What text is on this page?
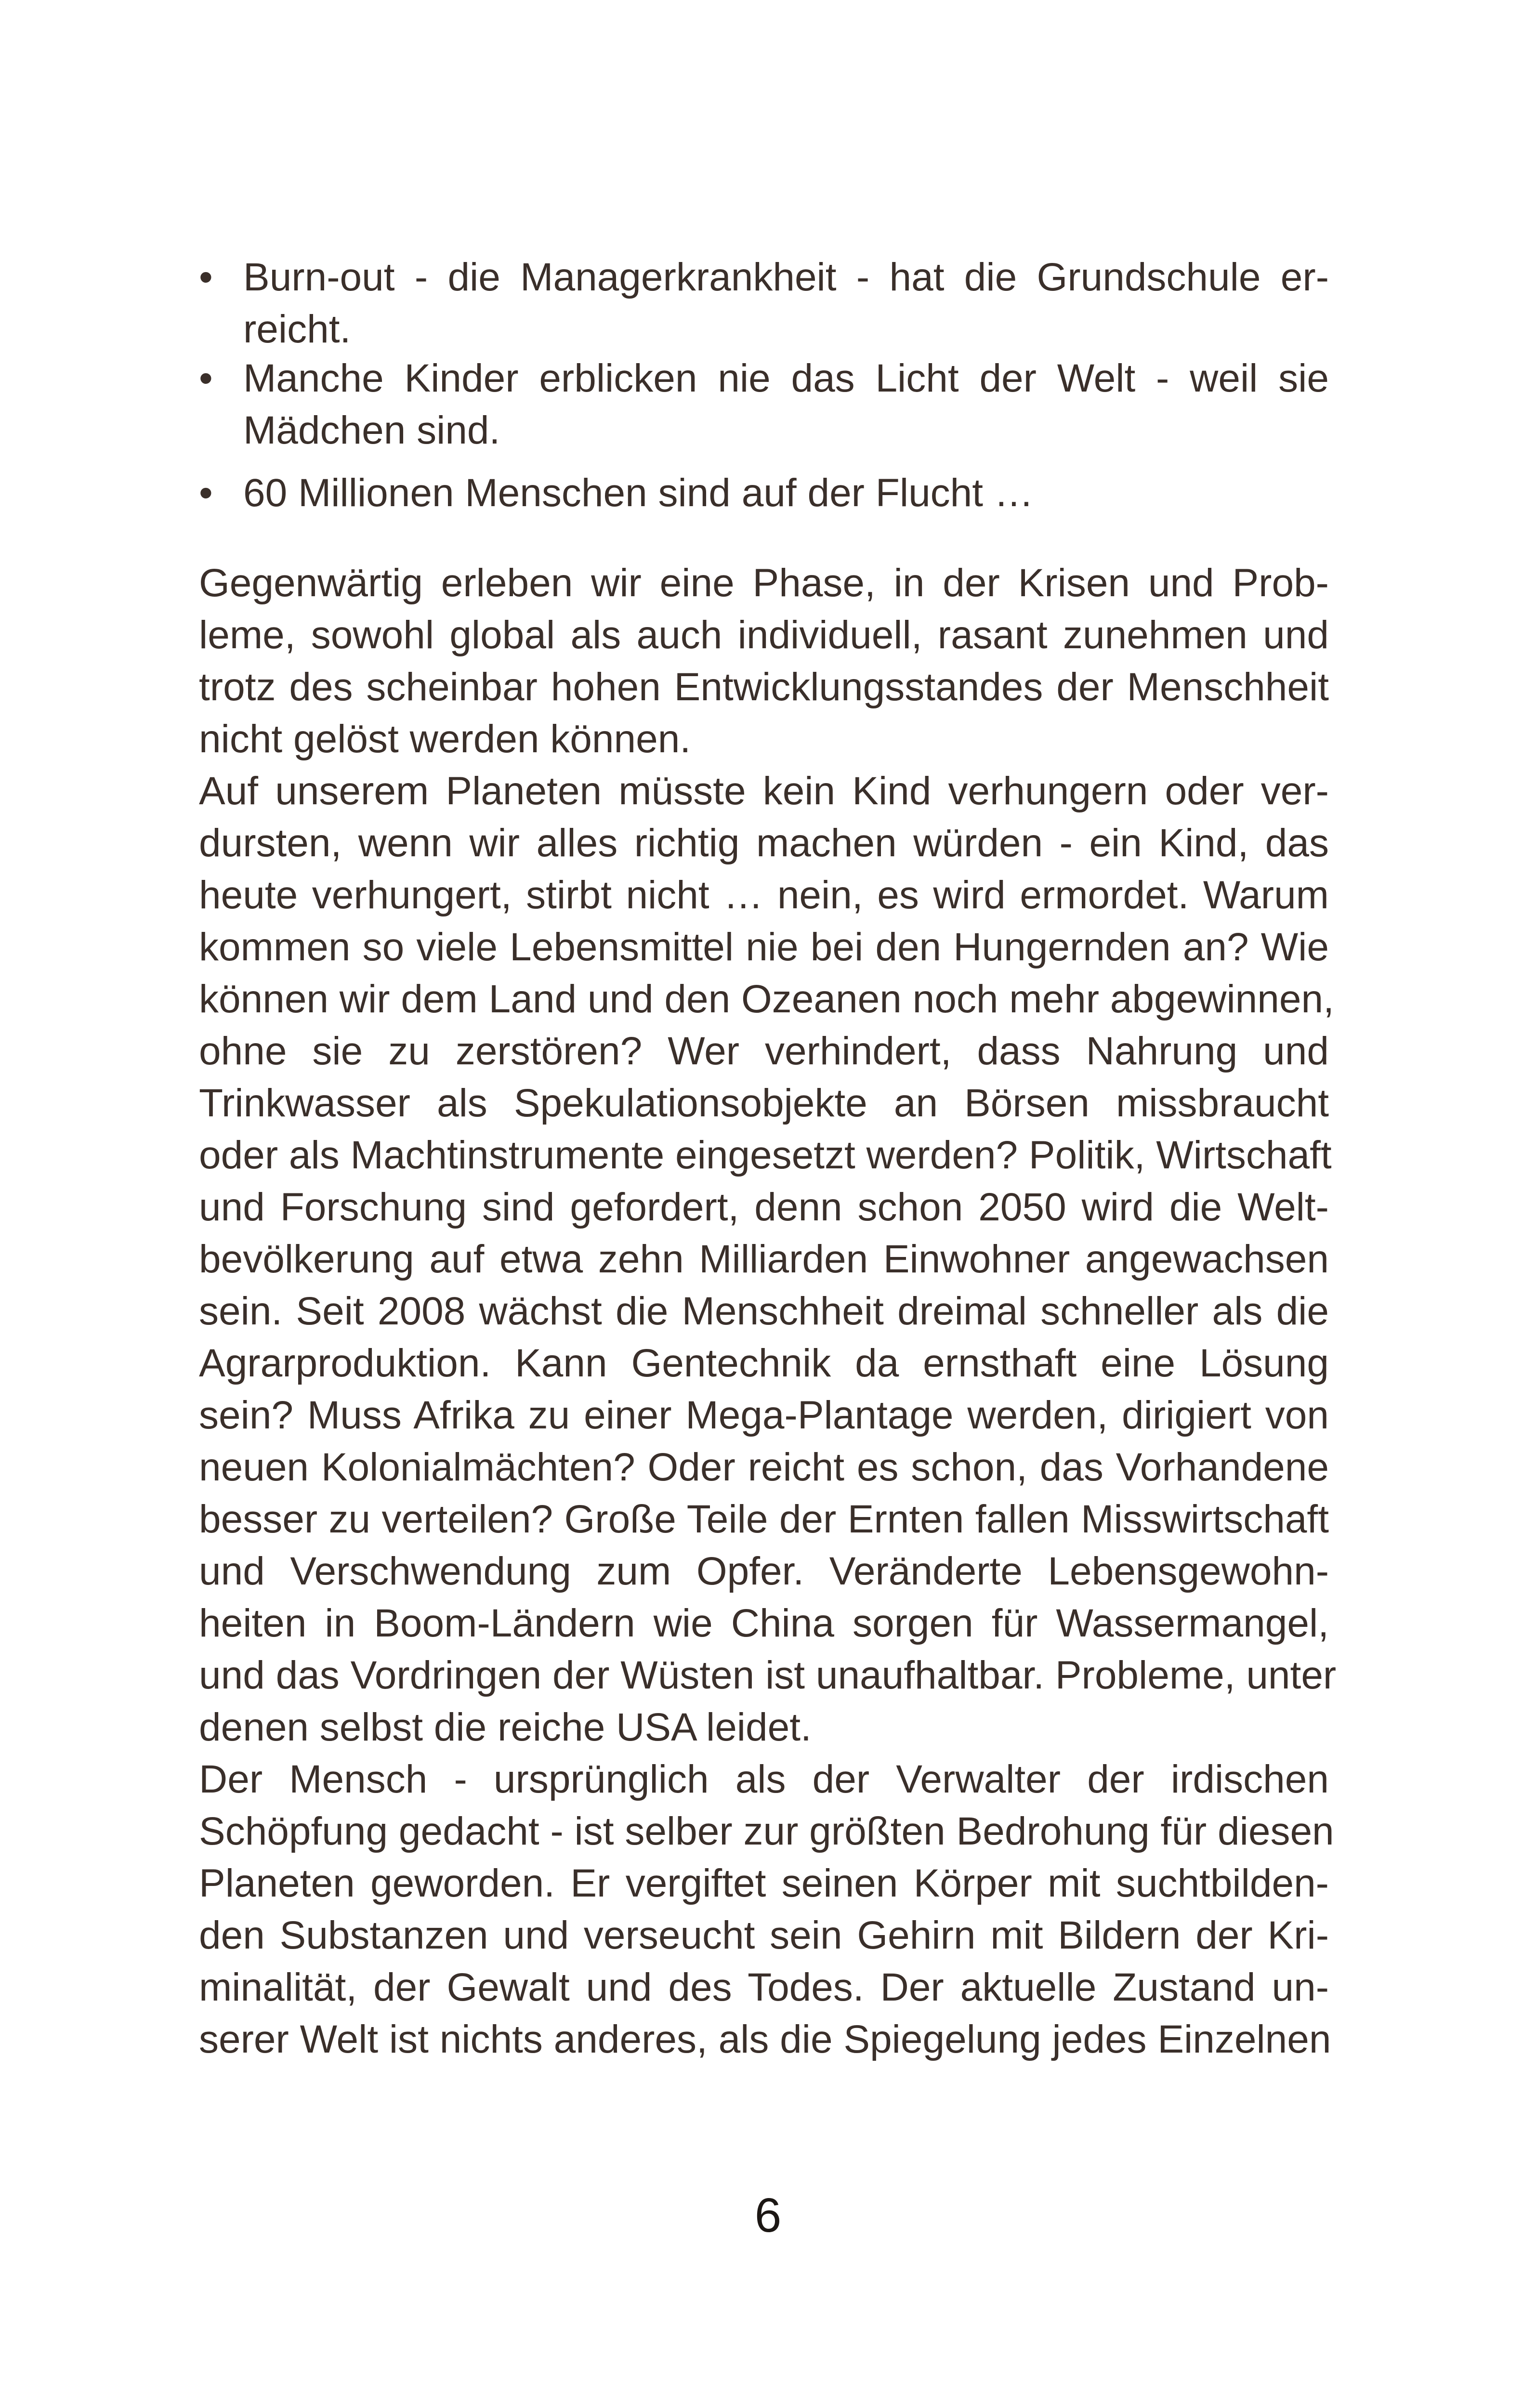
• Burn-out - die Managerkrankheit - hat die Grundschule er-
reicht.
• Manche Kinder erblicken nie das Licht der Welt - weil sie
Mädchen sind.
• 60 Millionen Menschen sind auf der Flucht …
Gegenwärtig erleben wir eine Phase, in der Krisen und Prob-
leme, sowohl global als auch individuell, rasant zunehmen und
trotz des scheinbar hohen Entwicklungsstandes der Menschheit
nicht gelöst werden können.
Auf unserem Planeten müsste kein Kind verhungern oder ver-
dursten, wenn wir alles richtig machen würden - ein Kind, das
heute verhungert, stirbt nicht … nein, es wird ermordet. Warum
kommen so viele Lebensmittel nie bei den Hungernden an? Wie
können wir dem Land und den Ozeanen noch mehr abgewinnen,
ohne sie zu zerstören? Wer verhindert, dass Nahrung und
Trinkwasser als Spekulationsobjekte an Börsen missbraucht
oder als Machtinstrumente eingesetzt werden? Politik, Wirtschaft
und Forschung sind gefordert, denn schon 2050 wird die Welt-
bevölkerung auf etwa zehn Milliarden Einwohner angewachsen
sein. Seit 2008 wächst die Menschheit dreimal schneller als die
Agrarproduktion. Kann Gentechnik da ernsthaft eine Lösung
sein? Muss Afrika zu einer Mega-Plantage werden, dirigiert von
neuen Kolonialmächten? Oder reicht es schon, das Vorhandene
besser zu verteilen? Große Teile der Ernten fallen Misswirtschaft
und Verschwendung zum Opfer. Veränderte Lebensgewohn-
heiten in Boom-Ländern wie China sorgen für Wassermangel,
und das Vordringen der Wüsten ist unaufhaltbar. Probleme, unter
denen selbst die reiche USA leidet.
Der Mensch - ursprünglich als der Verwalter der irdischen
Schöpfung gedacht - ist selber zur größten Bedrohung für diesen
Planeten geworden. Er vergiftet seinen Körper mit suchtbilden-
den Substanzen und verseucht sein Gehirn mit Bildern der Kri-
minalität, der Gewalt und des Todes. Der aktuelle Zustand un-
serer Welt ist nichts anderes, als die Spiegelung jedes Einzelnen
6
